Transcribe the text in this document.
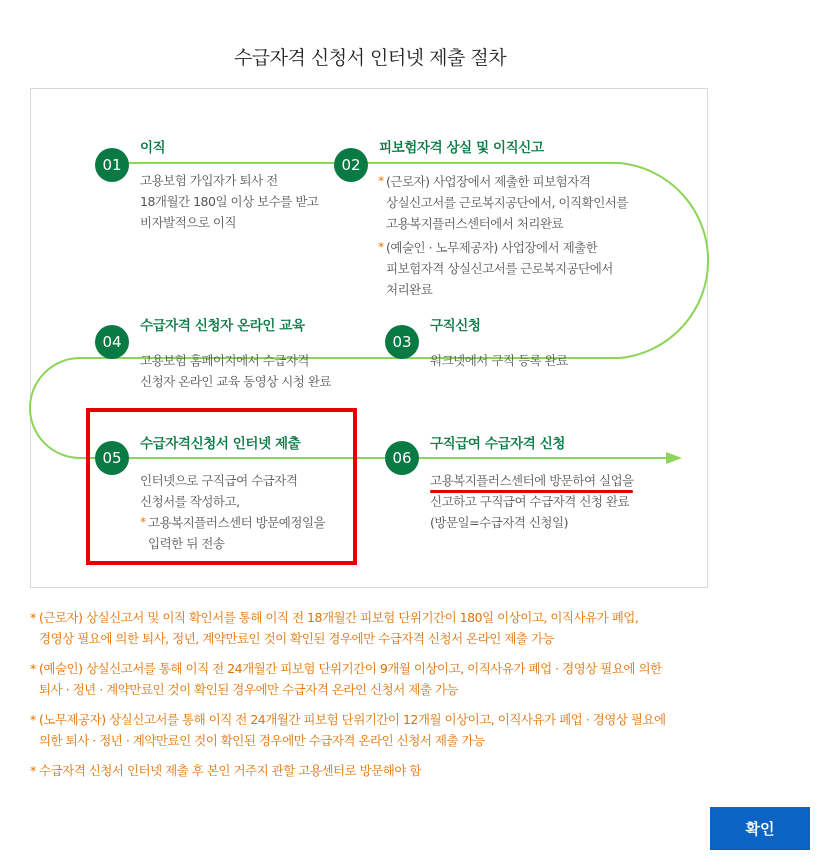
수급자격 신청서 인터넷 제출 절차
01
이직
고용보험 가입자가 퇴사 전
18개월간 180일 이상 보수를 받고
비자발적으로 이직
02
피보험자격 상실 및 이직신고
* (근로자) 사업장에서 제출한 피보험자격
상실신고서를 근로복지공단에서, 이직확인서를
고용복지플러스센터에서 처리완료
* (예술인 · 노무제공자) 사업장에서 제출한
피보험자격 상실신고서를 근로복지공단에서
처리완료
03
구직신청
워크넷에서 구직 등록 완료
04
수급자격 신청자 온라인 교육
고용보험 홈페이지에서 수급자격
신청자 온라인 교육 동영상 시청 완료
05
수급자격신청서 인터넷 제출
인터넷으로 구직급여 수급자격
신청서를 작성하고,
* 고용복지플러스센터 방문예정일을
입력한 뒤 전송
06
구직급여 수급자격 신청
고용복지플러스센터에 방문하여 실업을
신고하고 구직급여 수급자격 신청 완료
(방문일=수급자격 신청일)
* (근로자) 상실신고서 및 이직 확인서를 통해 이직 전 18개월간 피보험 단위기간이 180일 이상이고, 이직사유가 폐업,
경영상 필요에 의한 퇴사, 정년, 계약만료인 것이 확인된 경우에만 수급자격 신청서 온라인 제출 가능
* (예술인) 상실신고서를 통해 이직 전 24개월간 피보험 단위기간이 9개월 이상이고, 이직사유가 폐업 · 경영상 필요에 의한
퇴사 · 정년 · 계약만료인 것이 확인된 경우에만 수급자격 온라인 신청서 제출 가능
* (노무제공자) 상실신고서를 통해 이직 전 24개월간 피보험 단위기간이 12개월 이상이고, 이직사유가 폐업 · 경영상 필요에
의한 퇴사 · 정년 · 계약만료인 것이 확인된 경우에만 수급자격 온라인 신청서 제출 가능
* 수급자격 신청서 인터넷 제출 후 본인 거주지 관할 고용센터로 방문해야 함
확인
